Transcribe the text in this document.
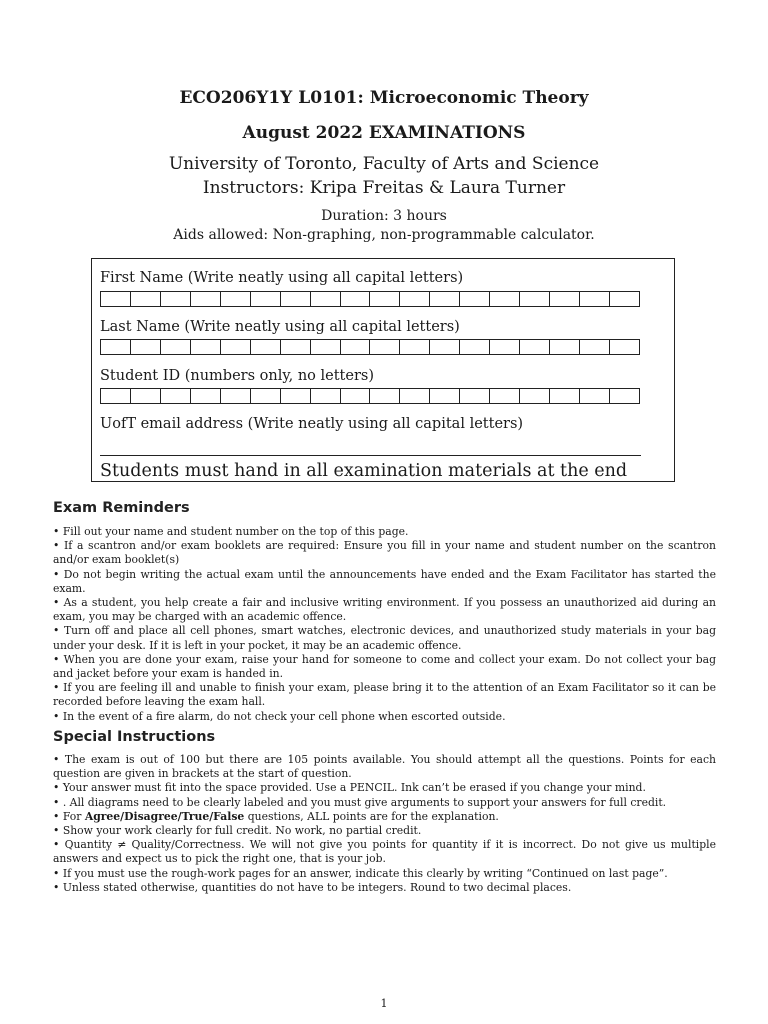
ECO206Y1Y L0101: Microeconomic Theory
August 2022 EXAMINATIONS
University of Toronto, Faculty of Arts and Science
Instructors: Kripa Freitas & Laura Turner
Duration: 3 hours
Aids allowed: Non-graphing, non-programmable calculator.
First Name (Write neatly using all capital letters)
Last Name (Write neatly using all capital letters)
Student ID (numbers only, no letters)
UofT email address (Write neatly using all capital letters)
Students must hand in all examination materials at the end
Exam Reminders
• Fill out your name and student number on the top of this page.
• If a scantron and/or exam booklets are required: Ensure you fill in your name and student number on the scantron and/or exam booklet(s)
• Do not begin writing the actual exam until the announcements have ended and the Exam Facilitator has started the exam.
• As a student, you help create a fair and inclusive writing environment. If you possess an unauthorized aid during an exam, you may be charged with an academic offence.
• Turn off and place all cell phones, smart watches, electronic devices, and unauthorized study materials in your bag under your desk. If it is left in your pocket, it may be an academic offence.
• When you are done your exam, raise your hand for someone to come and collect your exam. Do not collect your bag and jacket before your exam is handed in.
• If you are feeling ill and unable to finish your exam, please bring it to the attention of an Exam Facilitator so it can be recorded before leaving the exam hall.
• In the event of a fire alarm, do not check your cell phone when escorted outside.
Special Instructions
• The exam is out of 100 but there are 105 points available. You should attempt all the questions. Points for each question are given in brackets at the start of question.
• Your answer must fit into the space provided. Use a PENCIL. Ink can’t be erased if you change your mind.
• . All diagrams need to be clearly labeled and you must give arguments to support your answers for full credit.
• For Agree/Disagree/True/False questions, ALL points are for the explanation.
• Show your work clearly for full credit. No work, no partial credit.
• Quantity ≠ Quality/Correctness. We will not give you points for quantity if it is incorrect. Do not give us multiple answers and expect us to pick the right one, that is your job.
• If you must use the rough-work pages for an answer, indicate this clearly by writing “Continued on last page”.
• Unless stated otherwise, quantities do not have to be integers. Round to two decimal places.
1
